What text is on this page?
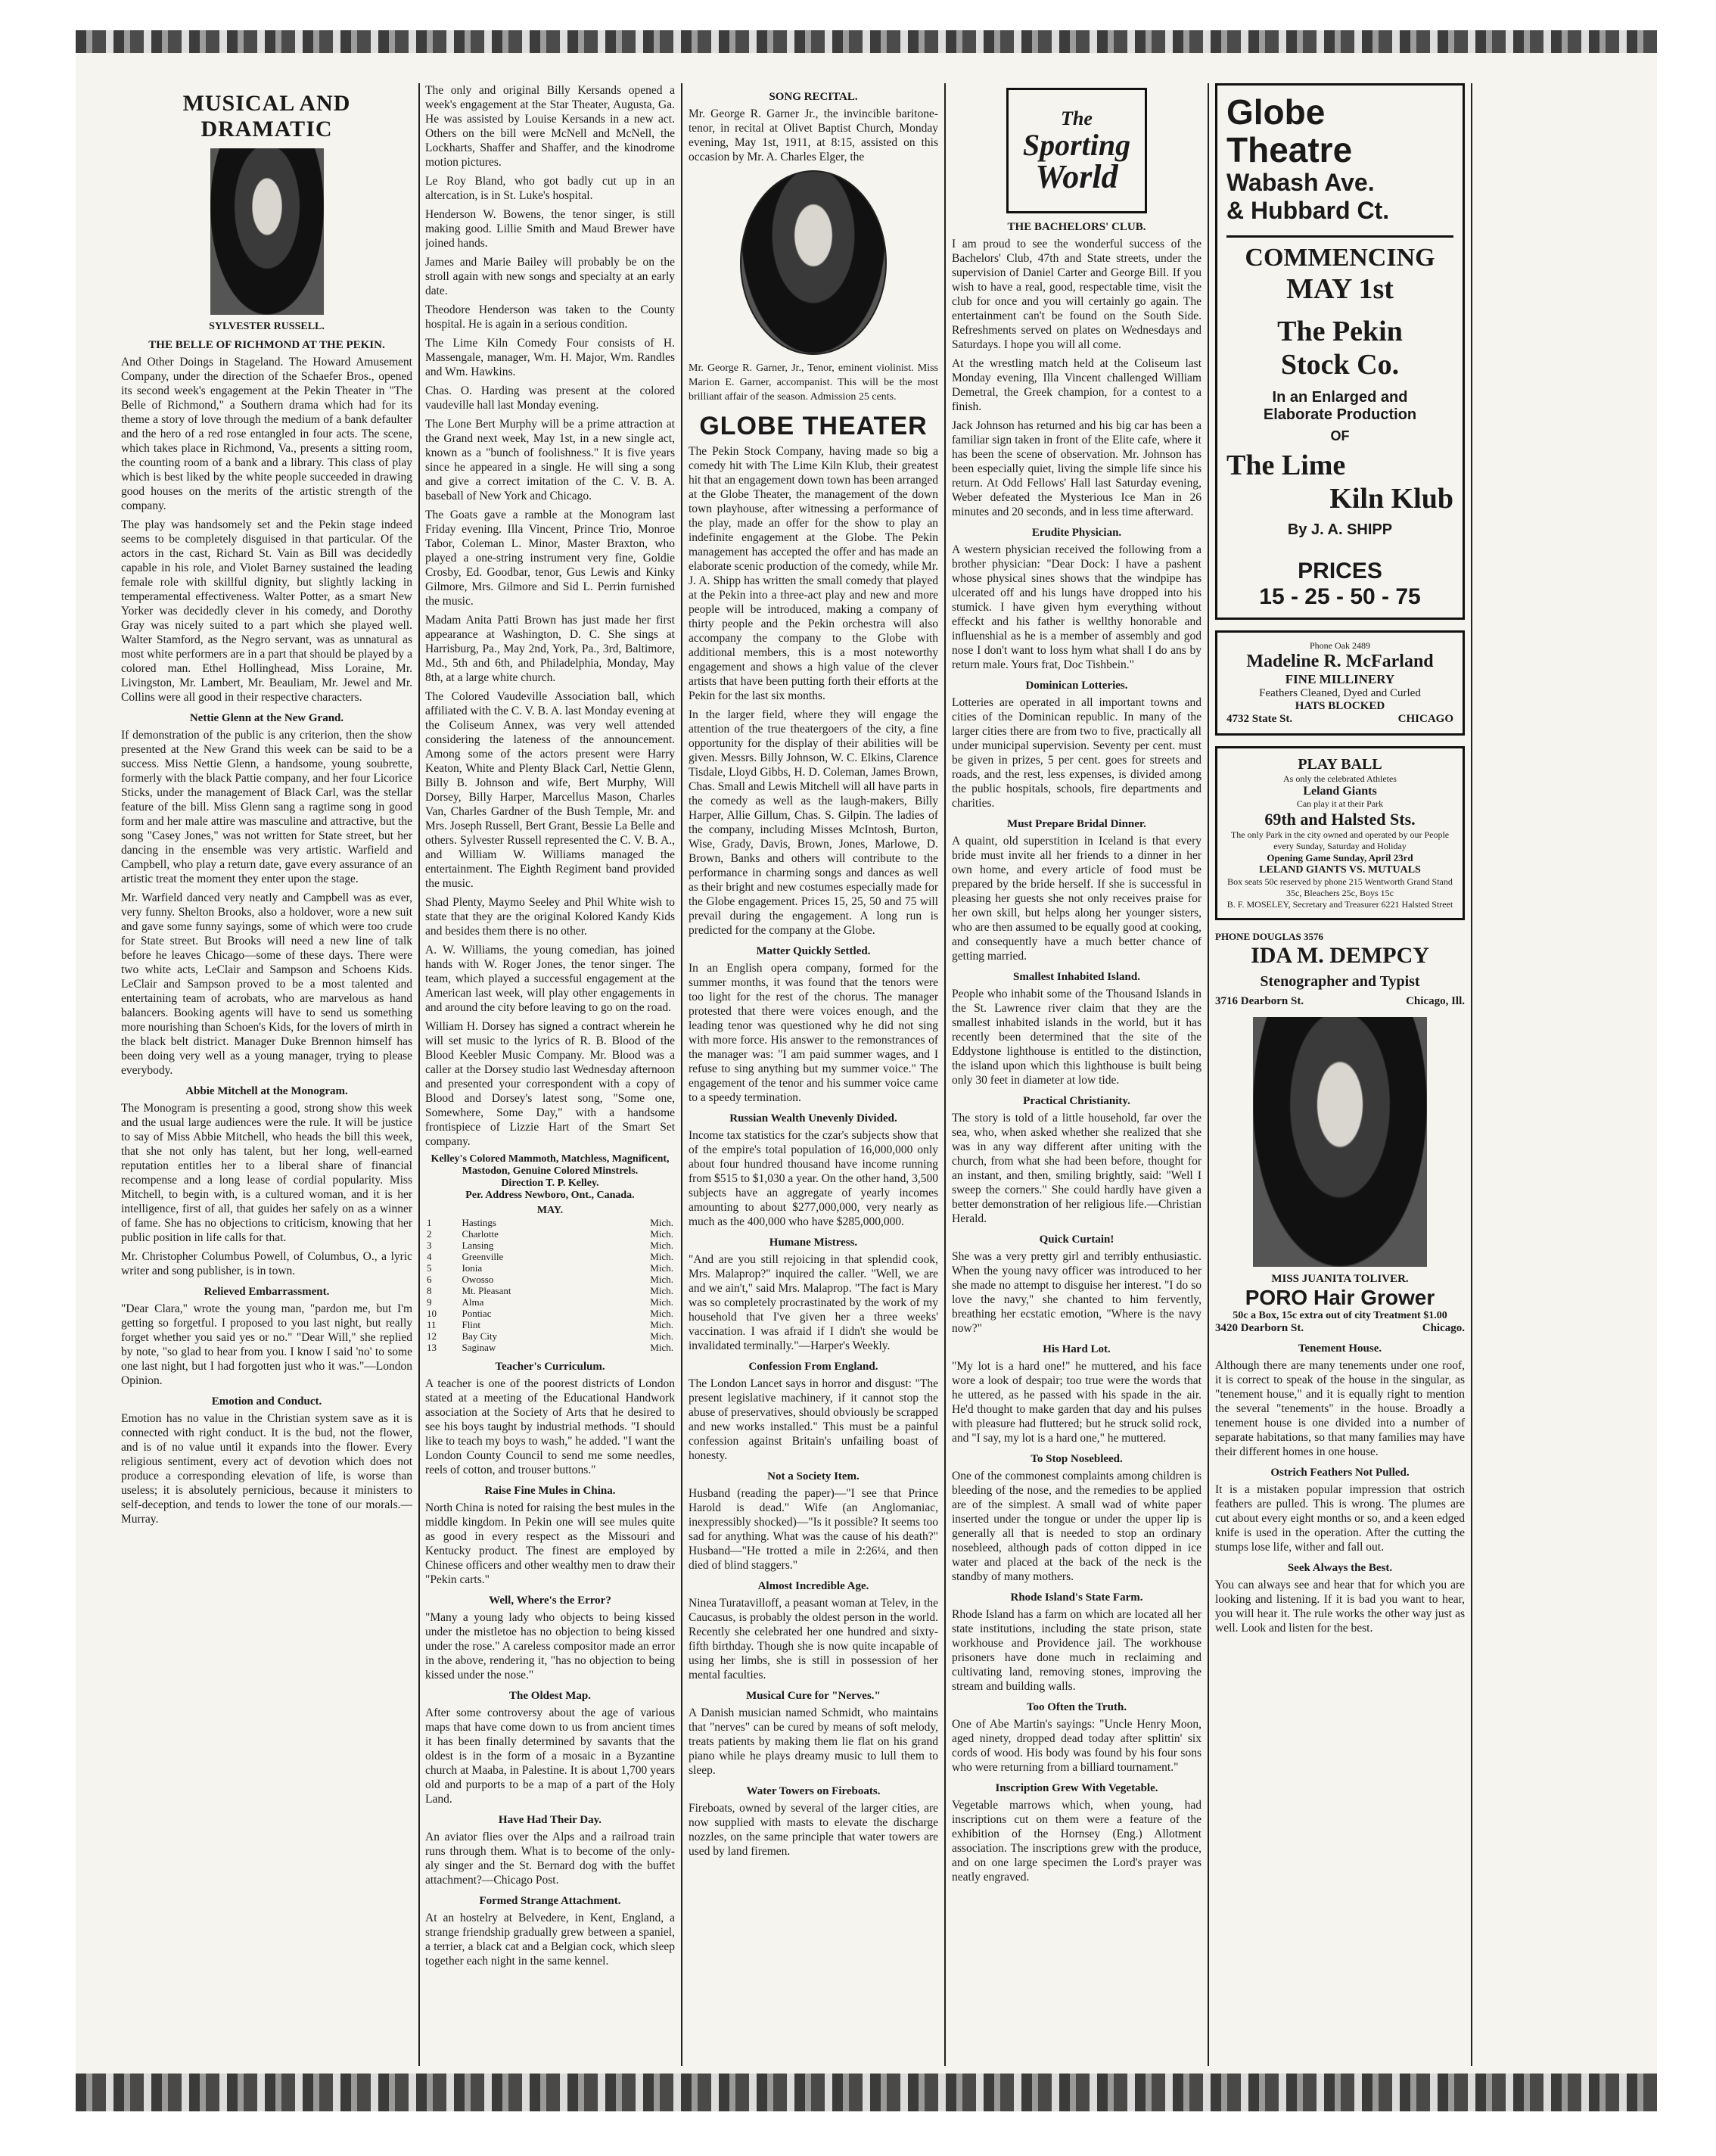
MUSICAL AND DRAMATIC
SYLVESTER RUSSELL.
THE BELLE OF RICHMOND AT THE PEKIN.

And Other Doings in Stageland. The Howard Amusement Company, under the direction of the Schaefer Bros., opened its second week's engagement at the Pekin Theater in "The Belle of Richmond," a Southern drama which had for its theme a story of love through the medium of a bank defaulter and the hero of a red rose entangled in four acts. The scene, which takes place in Richmond, Va., presents a sitting room, the counting room of a bank and a library. This class of play which is best liked by the white people succeeded in drawing good houses on the merits of the artistic strength of the company.

The play was handsomely set and the Pekin stage indeed seems to be completely disguised in that particular. Of the actors in the cast, Richard St. Vain as Bill was decidedly capable in his role, and Violet Barney sustained the leading female role with skillful dignity, but slightly lacking in temperamental effectiveness. Walter Potter, as a smart New Yorker was decidedly clever in his comedy, and Dorothy Gray was nicely suited to a part which she played well. Walter Stamford, as the Negro servant, was as unnatural as most white performers are in a part that should be played by a colored man. Ethel Hollinghead, Miss Loraine, Mr. Livingston, Mr. Lambert, Mr. Beauliam, Mr. Jewel and Mr. Collins were all good in their respective characters.

Nettie Glenn at the New Grand.

If demonstration of the public is any criterion, then the show presented at the New Grand this week can be said to be a success. Miss Nettie Glenn, a handsome, young soubrette, formerly with the black Pattie company, and her four Licorice Sticks, under the management of Black Carl, was the stellar feature of the bill. Miss Glenn sang a ragtime song in good form and her male attire was masculine and attractive, but the song "Casey Jones," was not written for State street, but her dancing in the ensemble was very artistic. Warfield and Campbell, who play a return date, gave every assurance of an artistic treat the moment they enter upon the stage.

Mr. Warfield danced very neatly and Campbell was as ever, very funny. Shelton Brooks, also a holdover, wore a new suit and gave some funny sayings, some of which were too crude for State street. But Brooks will need a new line of talk before he leaves Chicago—some of these days. There were two white acts, LeClair and Sampson and Schoens Kids. LeClair and Sampson proved to be a most talented and entertaining team of acrobats, who are marvelous as hand balancers. Booking agents will have to send us something more nourishing than Schoen's Kids, for the lovers of mirth in the black belt district. Manager Duke Brennon himself has been doing very well as a young manager, trying to please everybody.

Abbie Mitchell at the Monogram.

The Monogram is presenting a good, strong show this week and the usual large audiences were the rule. It will be justice to say of Miss Abbie Mitchell, who heads the bill this week, that she not only has talent, but her long, well-earned reputation entitles her to a liberal share of financial recompense and a long lease of cordial popularity. Miss Mitchell, to begin with, is a cultured woman, and it is her intelligence, first of all, that guides her safely on as a winner of fame. She has no objections to criticism, knowing that her public position in life calls for that.

Mr. Christopher Columbus Powell, of Columbus, O., a lyric writer and song publisher, is in town.

Relieved Embarrassment.

"Dear Clara," wrote the young man, "pardon me, but I'm getting so forgetful. I proposed to you last night, but really forget whether you said yes or no." "Dear Will," she replied by note, "so glad to hear from you. I know I said 'no' to some one last night, but I had forgotten just who it was."—London Opinion.

Emotion and Conduct.

Emotion has no value in the Christian system save as it is connected with right conduct. It is the bud, not the flower, and is of no value until it expands into the flower. Every religious sentiment, every act of devotion which does not produce a corresponding elevation of life, is worse than useless; it is absolutely pernicious, because it ministers to self-deception, and tends to lower the tone of our morals.—Murray.

The only and original Billy Kersands opened a week's engagement at the Star Theater, Augusta, Ga. He was assisted by Louise Kersands in a new act. Others on the bill were McNell and McNell, the Lockharts, Shaffer and Shaffer, and the kinodrome motion pictures.

Le Roy Bland, who got badly cut up in an altercation, is in St. Luke's hospital.

Henderson W. Bowens, the tenor singer, is still making good. Lillie Smith and Maud Brewer have joined hands.

James and Marie Bailey will probably be on the stroll again with new songs and specialty at an early date.

Theodore Henderson was taken to the County hospital. He is again in a serious condition.

The Lime Kiln Comedy Four consists of H. Massengale, manager, Wm. H. Major, Wm. Randles and Wm. Hawkins.

Chas. O. Harding was present at the colored vaudeville hall last Monday evening.

The Lone Bert Murphy will be a prime attraction at the Grand next week, May 1st, in a new single act, known as a "bunch of foolishness." It is five years since he appeared in a single. He will sing a song and give a correct imitation of the C. V. B. A. baseball of New York and Chicago.

The Goats gave a ramble at the Monogram last Friday evening. Illa Vincent, Prince Trio, Monroe Tabor, Coleman L. Minor, Master Braxton, who played a one-string instrument very fine, Goldie Crosby, Ed. Goodbar, tenor, Gus Lewis and Kinky Gilmore, Mrs. Gilmore and Sid L. Perrin furnished the music.

Madam Anita Patti Brown has just made her first appearance at Washington, D. C. She sings at Harrisburg, Pa., May 2nd, York, Pa., 3rd, Baltimore, Md., 5th and 6th, and Philadelphia, Monday, May 8th, at a large white church.

The Colored Vaudeville Association ball, which affiliated with the C. V. B. A. last Monday evening at the Coliseum Annex, was very well attended considering the lateness of the announcement. Among some of the actors present were Harry Keaton, White and Plenty Black Carl, Nettie Glenn, Billy B. Johnson and wife, Bert Murphy, Will Dorsey, Billy Harper, Marcellus Mason, Charles Van, Charles Gardner of the Bush Temple, Mr. and Mrs. Joseph Russell, Bert Grant, Bessie La Belle and others. Sylvester Russell represented the C. V. B. A., and William W. Williams managed the entertainment. The Eighth Regiment band provided the music.

Shad Plenty, Maymo Seeley and Phil White wish to state that they are the original Kolored Kandy Kids and besides them there is no other.

A. W. Williams, the young comedian, has joined hands with W. Roger Jones, the tenor singer. The team, which played a successful engagement at the American last week, will play other engagements in and around the city before leaving to go on the road.

William H. Dorsey has signed a contract wherein he will set music to the lyrics of R. B. Blood of the Blood Keebler Music Company. Mr. Blood was a caller at the Dorsey studio last Wednesday afternoon and presented your correspondent with a copy of Blood and Dorsey's latest song, "Some one, Somewhere, Some Day," with a handsome frontispiece of Lizzie Hart of the Smart Set company.

Kelley's Colored Mammoth, Matchless, Magnificent, Mastodon, Genuine Colored Minstrels.
Direction T. P. Kelley.
Per. Address Newboro, Ont., Canada.
MAY.
1	Hastings	Mich.
2	Charlotte	Mich.
3	Lansing	Mich.
4	Greenville	Mich.
5	Ionia	Mich.
6	Owosso	Mich.
8	Mt. Pleasant	Mich.
9	Alma	Mich.
10	Pontiac	Mich.
11	Flint	Mich.
12	Bay City	Mich.
13	Saginaw	Mich.
Teacher's Curriculum.

A teacher is one of the poorest districts of London stated at a meeting of the Educational Handwork association at the Society of Arts that he desired to see his boys taught by industrial methods. "I should like to teach my boys to wash," he added. "I want the London County Council to send me some needles, reels of cotton, and trouser buttons."

Raise Fine Mules in China.

North China is noted for raising the best mules in the middle kingdom. In Pekin one will see mules quite as good in every respect as the Missouri and Kentucky product. The finest are employed by Chinese officers and other wealthy men to draw their "Pekin carts."

Well, Where's the Error?

"Many a young lady who objects to being kissed under the mistletoe has no objection to being kissed under the rose." A careless compositor made an error in the above, rendering it, "has no objection to being kissed under the nose."

The Oldest Map.

After some controversy about the age of various maps that have come down to us from ancient times it has been finally determined by savants that the oldest is in the form of a mosaic in a Byzantine church at Maaba, in Palestine. It is about 1,700 years old and purports to be a map of a part of the Holy Land.

Have Had Their Day.

An aviator flies over the Alps and a railroad train runs through them. What is to become of the only-aly singer and the St. Bernard dog with the buffet attachment?—Chicago Post.

Formed Strange Attachment.

At an hostelry at Belvedere, in Kent, England, a strange friendship gradually grew between a spaniel, a terrier, a black cat and a Belgian cock, which sleep together each night in the same kennel.

SONG RECITAL.

Mr. George R. Garner Jr., the invincible baritone-tenor, in recital at Olivet Baptist Church, Monday evening, May 1st, 1911, at 8:15, assisted on this occasion by Mr. A. Charles Elger, the

Mr. George R. Garner, Jr., Tenor, eminent violinist. Miss Marion E. Garner, accompanist. This will be the most brilliant affair of the season. Admission 25 cents.

GLOBE THEATER

The Pekin Stock Company, having made so big a comedy hit with The Lime Kiln Klub, their greatest hit that an engagement down town has been arranged at the Globe Theater, the management of the down town playhouse, after witnessing a performance of the play, made an offer for the show to play an indefinite engagement at the Globe. The Pekin management has accepted the offer and has made an elaborate scenic production of the comedy, while Mr. J. A. Shipp has written the small comedy that played at the Pekin into a three-act play and new and more people will be introduced, making a company of thirty people and the Pekin orchestra will also accompany the company to the Globe with additional members, this is a most noteworthy engagement and shows a high value of the clever artists that have been putting forth their efforts at the Pekin for the last six months.

In the larger field, where they will engage the attention of the true theatergoers of the city, a fine opportunity for the display of their abilities will be given. Messrs. Billy Johnson, W. C. Elkins, Clarence Tisdale, Lloyd Gibbs, H. D. Coleman, James Brown, Chas. Small and Lewis Mitchell will all have parts in the comedy as well as the laugh-makers, Billy Harper, Allie Gillum, Chas. S. Gilpin. The ladies of the company, including Misses McIntosh, Burton, Wise, Grady, Davis, Brown, Jones, Marlowe, D. Brown, Banks and others will contribute to the performance in charming songs and dances as well as their bright and new costumes especially made for the Globe engagement. Prices 15, 25, 50 and 75 will prevail during the engagement. A long run is predicted for the company at the Globe.

Matter Quickly Settled.

In an English opera company, formed for the summer months, it was found that the tenors were too light for the rest of the chorus. The manager protested that there were voices enough, and the leading tenor was questioned why he did not sing with more force. His answer to the remonstrances of the manager was: "I am paid summer wages, and I refuse to sing anything but my summer voice." The engagement of the tenor and his summer voice came to a speedy termination.

Russian Wealth Unevenly Divided.

Income tax statistics for the czar's subjects show that of the empire's total population of 16,000,000 only about four hundred thousand have income running from $515 to $1,030 a year. On the other hand, 3,500 subjects have an aggregate of yearly incomes amounting to about $277,000,000, very nearly as much as the 400,000 who have $285,000,000.

Humane Mistress.

"And are you still rejoicing in that splendid cook, Mrs. Malaprop?" inquired the caller. "Well, we are and we ain't," said Mrs. Malaprop. "The fact is Mary was so completely procrastinated by the work of my household that I've given her a three weeks' vaccination. I was afraid if I didn't she would be invalidated terminally."—Harper's Weekly.

Confession From England.

The London Lancet says in horror and disgust: "The present legislative machinery, if it cannot stop the abuse of preservatives, should obviously be scrapped and new works installed." This must be a painful confession against Britain's unfailing boast of honesty.

Not a Society Item.

Husband (reading the paper)—"I see that Prince Harold is dead." Wife (an Anglomaniac, inexpressibly shocked)—"Is it possible? It seems too sad for anything. What was the cause of his death?" Husband—"He trotted a mile in 2:26¼, and then died of blind staggers."

Almost Incredible Age.

Ninea Turatavilloff, a peasant woman at Telev, in the Caucasus, is probably the oldest person in the world. Recently she celebrated her one hundred and sixty-fifth birthday. Though she is now quite incapable of using her limbs, she is still in possession of her mental faculties.

Musical Cure for "Nerves."

A Danish musician named Schmidt, who maintains that "nerves" can be cured by means of soft melody, treats patients by making them lie flat on his grand piano while he plays dreamy music to lull them to sleep.

Water Towers on Fireboats.

Fireboats, owned by several of the larger cities, are now supplied with masts to elevate the discharge nozzles, on the same principle that water towers are used by land firemen.

The
Sporting
World
THE BACHELORS' CLUB.

I am proud to see the wonderful success of the Bachelors' Club, 47th and State streets, under the supervision of Daniel Carter and George Bill. If you wish to have a real, good, respectable time, visit the club for once and you will certainly go again. The entertainment can't be found on the South Side. Refreshments served on plates on Wednesdays and Saturdays. I hope you will all come.

At the wrestling match held at the Coliseum last Monday evening, Illa Vincent challenged William Demetral, the Greek champion, for a contest to a finish.

Jack Johnson has returned and his big car has been a familiar sign taken in front of the Elite cafe, where it has been the scene of observation. Mr. Johnson has been especially quiet, living the simple life since his return. At Odd Fellows' Hall last Saturday evening, Weber defeated the Mysterious Ice Man in 26 minutes and 20 seconds, and in less time afterward.

Erudite Physician.

A western physician received the following from a brother physician: "Dear Dock: I have a pashent whose physical sines shows that the windpipe has ulcerated off and his lungs have dropped into his stumick. I have given hym everything without effeckt and his father is wellthy honorable and influenshial as he is a member of assembly and god nose I don't want to loss hym what shall I do ans by return male. Yours frat, Doc Tishbein."

Dominican Lotteries.

Lotteries are operated in all important towns and cities of the Dominican republic. In many of the larger cities there are from two to five, practically all under municipal supervision. Seventy per cent. must be given in prizes, 5 per cent. goes for streets and roads, and the rest, less expenses, is divided among the public hospitals, schools, fire departments and charities.

Must Prepare Bridal Dinner.

A quaint, old superstition in Iceland is that every bride must invite all her friends to a dinner in her own home, and every article of food must be prepared by the bride herself. If she is successful in pleasing her guests she not only receives praise for her own skill, but helps along her younger sisters, who are then assumed to be equally good at cooking, and consequently have a much better chance of getting married.

Smallest Inhabited Island.

People who inhabit some of the Thousand Islands in the St. Lawrence river claim that they are the smallest inhabited islands in the world, but it has recently been determined that the site of the Eddystone lighthouse is entitled to the distinction, the island upon which this lighthouse is built being only 30 feet in diameter at low tide.

Practical Christianity.

The story is told of a little household, far over the sea, who, when asked whether she realized that she was in any way different after uniting with the church, from what she had been before, thought for an instant, and then, smiling brightly, said: "Well I sweep the corners." She could hardly have given a better demonstration of her religious life.—Christian Herald.

Quick Curtain!

She was a very pretty girl and terribly enthusiastic. When the young navy officer was introduced to her she made no attempt to disguise her interest. "I do so love the navy," she chanted to him fervently, breathing her ecstatic emotion, "Where is the navy now?"

His Hard Lot.

"My lot is a hard one!" he muttered, and his face wore a look of despair; too true were the words that he uttered, as he passed with his spade in the air. He'd thought to make garden that day and his pulses with pleasure had fluttered; but he struck solid rock, and "I say, my lot is a hard one," he muttered.

To Stop Nosebleed.

One of the commonest complaints among children is bleeding of the nose, and the remedies to be applied are of the simplest. A small wad of white paper inserted under the tongue or under the upper lip is generally all that is needed to stop an ordinary nosebleed, although pads of cotton dipped in ice water and placed at the back of the neck is the standby of many mothers.

Rhode Island's State Farm.

Rhode Island has a farm on which are located all her state institutions, including the state prison, state workhouse and Providence jail. The workhouse prisoners have done much in reclaiming and cultivating land, removing stones, improving the stream and building walls.

Too Often the Truth.

One of Abe Martin's sayings: "Uncle Henry Moon, aged ninety, dropped dead today after splittin' six cords of wood. His body was found by his four sons who were returning from a billiard tournament."

Inscription Grew With Vegetable.

Vegetable marrows which, when young, had inscriptions cut on them were a feature of the exhibition of the Hornsey (Eng.) Allotment association. The inscriptions grew with the produce, and on one large specimen the Lord's prayer was neatly engraved.

Globe
Theatre
Wabash Ave.
& Hubbard Ct.
COMMENCING
MAY 1st
The Pekin
Stock Co.
In an Enlarged and
Elaborate Production
OF
The Lime
Kiln Klub
By J. A. SHIPP
PRICES
15 - 25 - 50 - 75
Phone Oak 2489
Madeline R. McFarland
FINE MILLINERY
Feathers Cleaned, Dyed and Curled
HATS BLOCKED
4732 State St.	CHICAGO
PLAY BALL
As only the celebrated Athletes
Leland Giants
Can play it at their Park
69th and Halsted Sts.
The only Park in the city owned and operated by our People every Sunday, Saturday and Holiday
Opening Game Sunday, April 23rd
LELAND GIANTS VS. MUTUALS
Box seats 50c reserved by phone 215 Wentworth Grand Stand 35c, Bleachers 25c, Boys 15c
B. F. MOSELEY, Secretary and Treasurer 6221 Halsted Street
PHONE DOUGLAS 3576
IDA M. DEMPCY
Stenographer and Typist
3716 Dearborn St.	Chicago, Ill.
MISS JUANITA TOLIVER.
PORO Hair Grower
50c a Box, 15c extra out of city Treatment $1.00
3420 Dearborn St.	Chicago.
Tenement House.

Although there are many tenements under one roof, it is correct to speak of the house in the singular, as "tenement house," and it is equally right to mention the several "tenements" in the house. Broadly a tenement house is one divided into a number of separate habitations, so that many families may have their different homes in one house.

Ostrich Feathers Not Pulled.

It is a mistaken popular impression that ostrich feathers are pulled. This is wrong. The plumes are cut about every eight months or so, and a keen edged knife is used in the operation. After the cutting the stumps lose life, wither and fall out.

Seek Always the Best.

You can always see and hear that for which you are looking and listening. If it is bad you want to hear, you will hear it. The rule works the other way just as well. Look and listen for the best.
